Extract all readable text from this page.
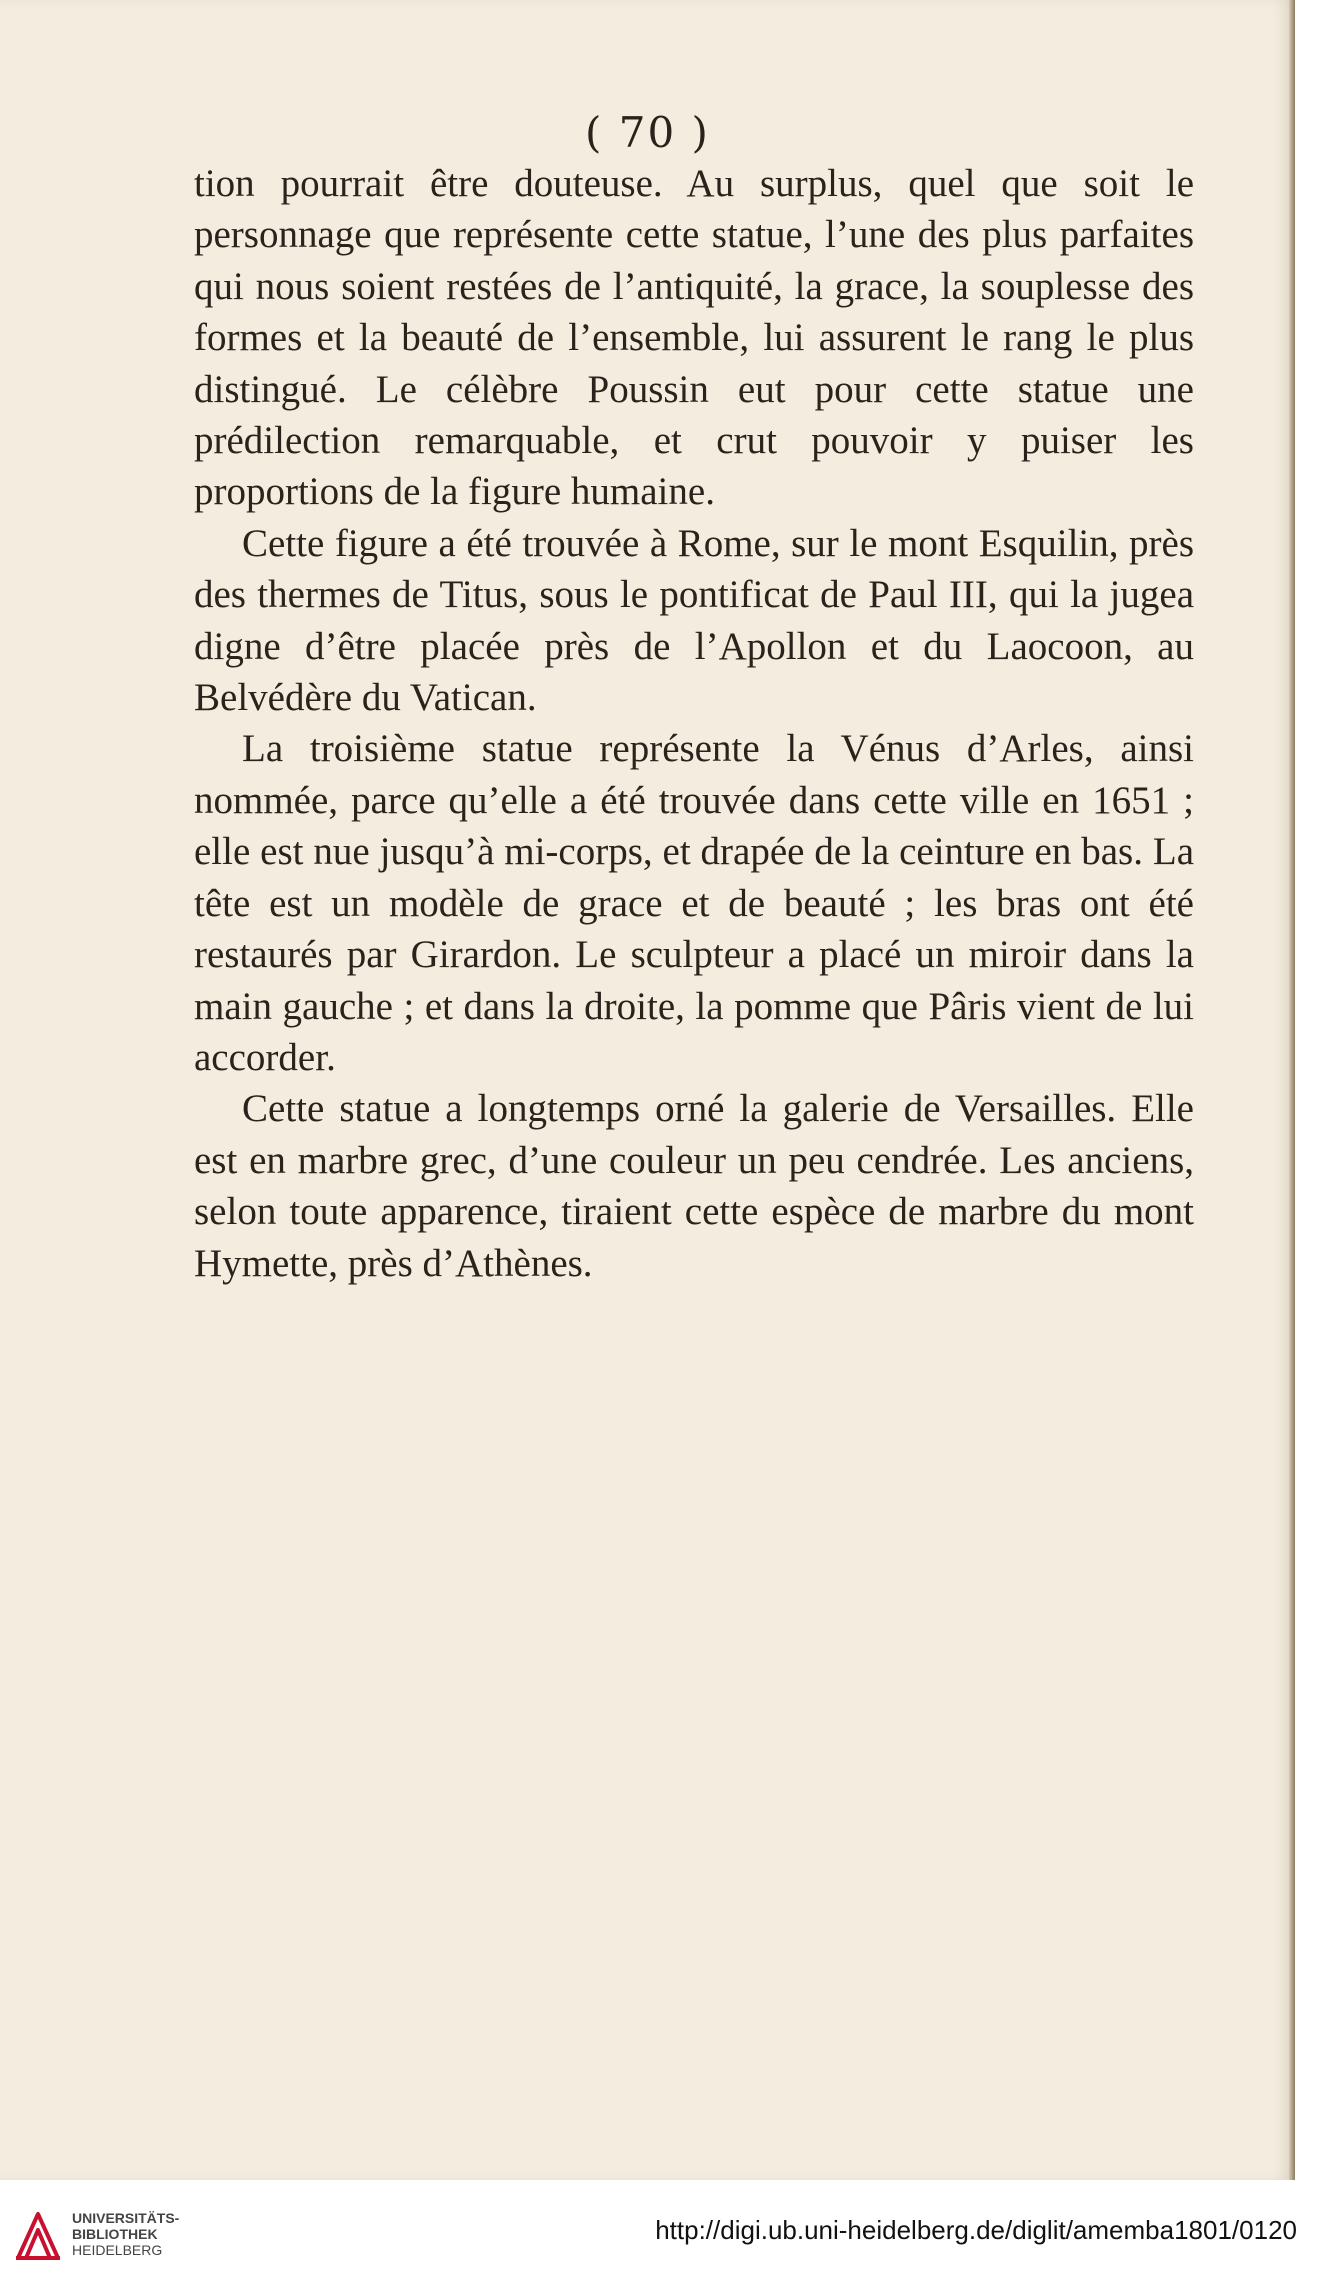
( 70 )

tion pourrait être douteuse. Au surplus, quel que soit le personnage que représente cette statue, l’une des plus parfaites qui nous soient restées de l’antiquité, la grace, la souplesse des formes et la beauté de l’ensemble, lui assurent le rang le plus distingué. Le célèbre Poussin eut pour cette statue une prédilection remarquable, et crut pouvoir y puiser les proportions de la figure humaine.

Cette figure a été trouvée à Rome, sur le mont Esquilin, près des thermes de Titus, sous le pontificat de Paul III, qui la jugea digne d’être placée près de l’Apollon et du Laocoon, au Belvédère du Vatican.

La troisième statue représente la Vénus d’Arles, ainsi nommée, parce qu’elle a été trouvée dans cette ville en 1651 ; elle est nue jusqu’à mi-corps, et drapée de la ceinture en bas. La tête est un modèle de grace et de beauté ; les bras ont été restaurés par Girardon. Le sculpteur a placé un miroir dans la main gauche ; et dans la droite, la pomme que Pâris vient de lui accorder.

Cette statue a longtemps orné la galerie de Versailles. Elle est en marbre grec, d’une couleur un peu cendrée. Les anciens, selon toute apparence, tiraient cette espèce de marbre du mont Hymette, près d’Athènes.

UNIVERSITÄTS-
BIBLIOTHEK
HEIDELBERG
http://digi.ub.uni-heidelberg.de/diglit/amemba1801/0120
